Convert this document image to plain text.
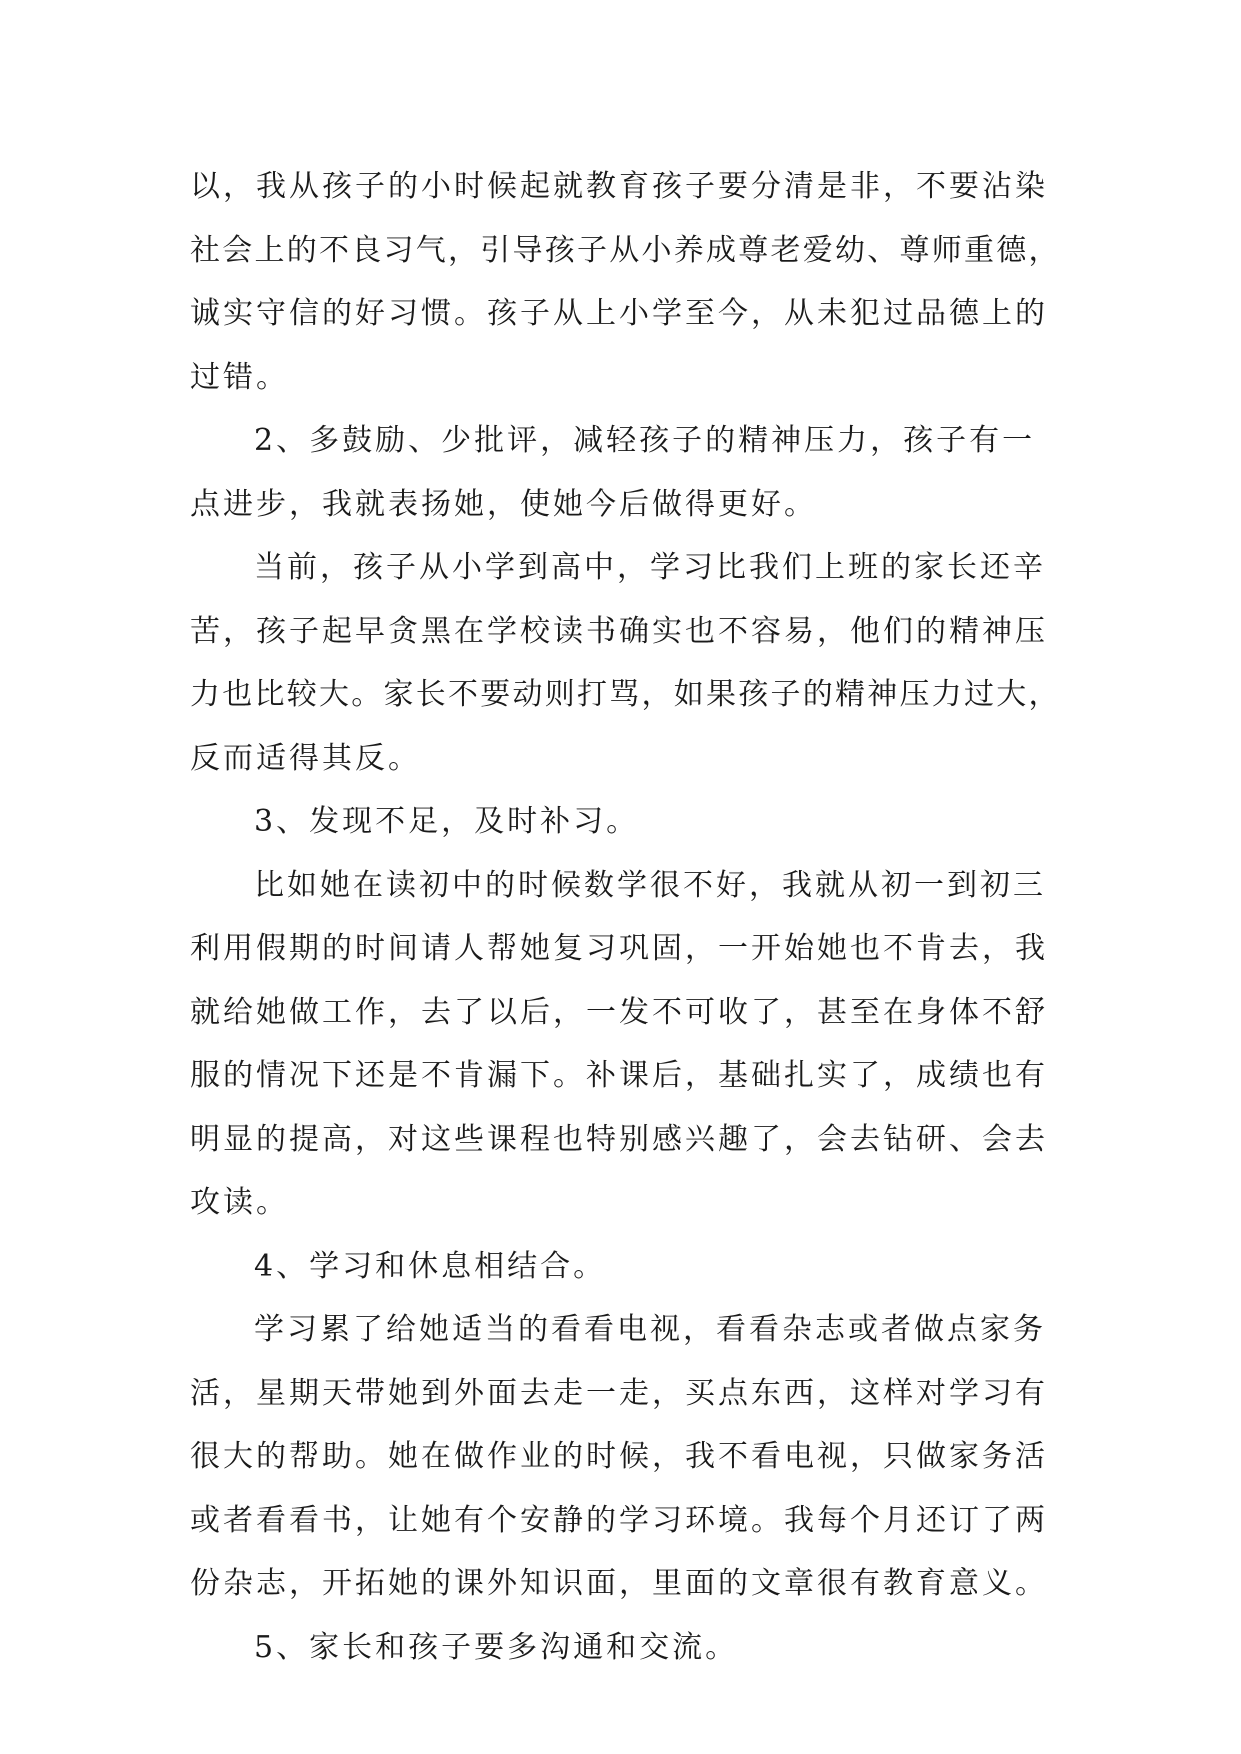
以，我从孩子的小时候起就教育孩子要分清是非，不要沾染
社会上的不良习气，引导孩子从小养成尊老爱幼、尊师重德，
诚实守信的好习惯。孩子从上小学至今，从未犯过品德上的
过错。
2、多鼓励、少批评，减轻孩子的精神压力，孩子有一
点进步，我就表扬她，使她今后做得更好。
当前，孩子从小学到高中，学习比我们上班的家长还辛
苦，孩子起早贪黑在学校读书确实也不容易，他们的精神压
力也比较大。家长不要动则打骂，如果孩子的精神压力过大，
反而适得其反。
3、发现不足，及时补习。
比如她在读初中的时候数学很不好，我就从初一到初三
利用假期的时间请人帮她复习巩固，一开始她也不肯去，我
就给她做工作，去了以后，一发不可收了，甚至在身体不舒
服的情况下还是不肯漏下。补课后，基础扎实了，成绩也有
明显的提高，对这些课程也特别感兴趣了，会去钻研、会去
攻读。
4、学习和休息相结合。
学习累了给她适当的看看电视，看看杂志或者做点家务
活，星期天带她到外面去走一走，买点东西，这样对学习有
很大的帮助。她在做作业的时候，我不看电视，只做家务活
或者看看书，让她有个安静的学习环境。我每个月还订了两
份杂志，开拓她的课外知识面，里面的文章很有教育意义。
5、家长和孩子要多沟通和交流。
